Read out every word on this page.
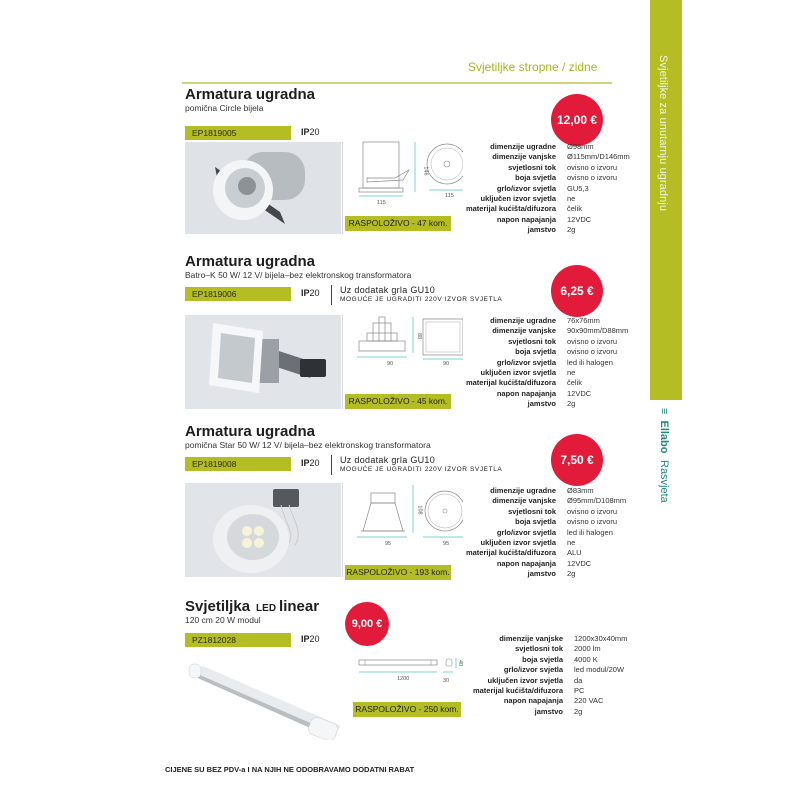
Svjetiljke za unutarnju ugradnju
≡ Ellabo Rasvjeta
Svjetiljke stropne / zidne
Armatura ugradna
pomična Circle bijela
EP1819005	IP20
12,00 €
115
146
115
RASPOLOŽIVO - 47 kom.
dimenzije ugradne	Ø98mm
dimenzije vanjske	Ø115mm/D146mm
svjetlosni tok	ovisno o izvoru
boja svjetla	ovisno o izvoru
grlo/izvor svjetla	GU5,3
uključen izvor svjetla	ne
materijal kućišta/difuzora	čelik
napon napajanja	12VDC
jamstvo	2g
Armatura ugradna
Batro–K 50 W/ 12 V/ bijela–bez elektronskog transformatora
EP1819006	IP20 Uz dodatak grla GU10
MOGUĆE JE UGRADITI 220V IZVOR SVJETLA
6,25 €
90
88
90
RASPOLOŽIVO - 45 kom.
dimenzije ugradne	76x76mm
dimenzije vanjske	90x90mm/D88mm
svjetlosni tok	ovisno o izvoru
boja svjetla	ovisno o izvoru
grlo/izvor svjetla	led ili halogen
uključen izvor svjetla	ne
materijal kućišta/difuzora	čelik
napon napajanja	12VDC
jamstvo	2g
Armatura ugradna
pomična Star 50 W/ 12 V/ bijela–bez elektronskog transformatora
EP1819008	IP20 Uz dodatak grla GU10
MOGUĆE JE UGRADITI 220V IZVOR SVJETLA
7,50 €
95
108
95
RASPOLOŽIVO - 193 kom.
dimenzije ugradne	Ø83mm
dimenzije vanjske	Ø95mm/D108mm
svjetlosni tok	ovisno o izvoru
boja svjetla	ovisno o izvoru
grlo/izvor svjetla	led ili halogen
uključen izvor svjetla	ne
materijal kućišta/difuzora	ALU
napon napajanja	12VDC
jamstvo	2g
Svjetiljka LED linear
120 cm 20 W modul
PZ1812028	IP20
9,00 €
1200
40
30
RASPOLOŽIVO - 250 kom.
dimenzije vanjske	1200x30x40mm
svjetlosni tok	2000 lm
boja svjetla	4000 K
grlo/izvor svjetla	led modul/20W
uključen izvor svjetla	da
materijal kućišta/difuzora	PC
napon napajanja	220 VAC
jamstvo	2g
CIJENE SU BEZ PDV-a I NA NJIH NE ODOBRAVAMO DODATNI RABAT
